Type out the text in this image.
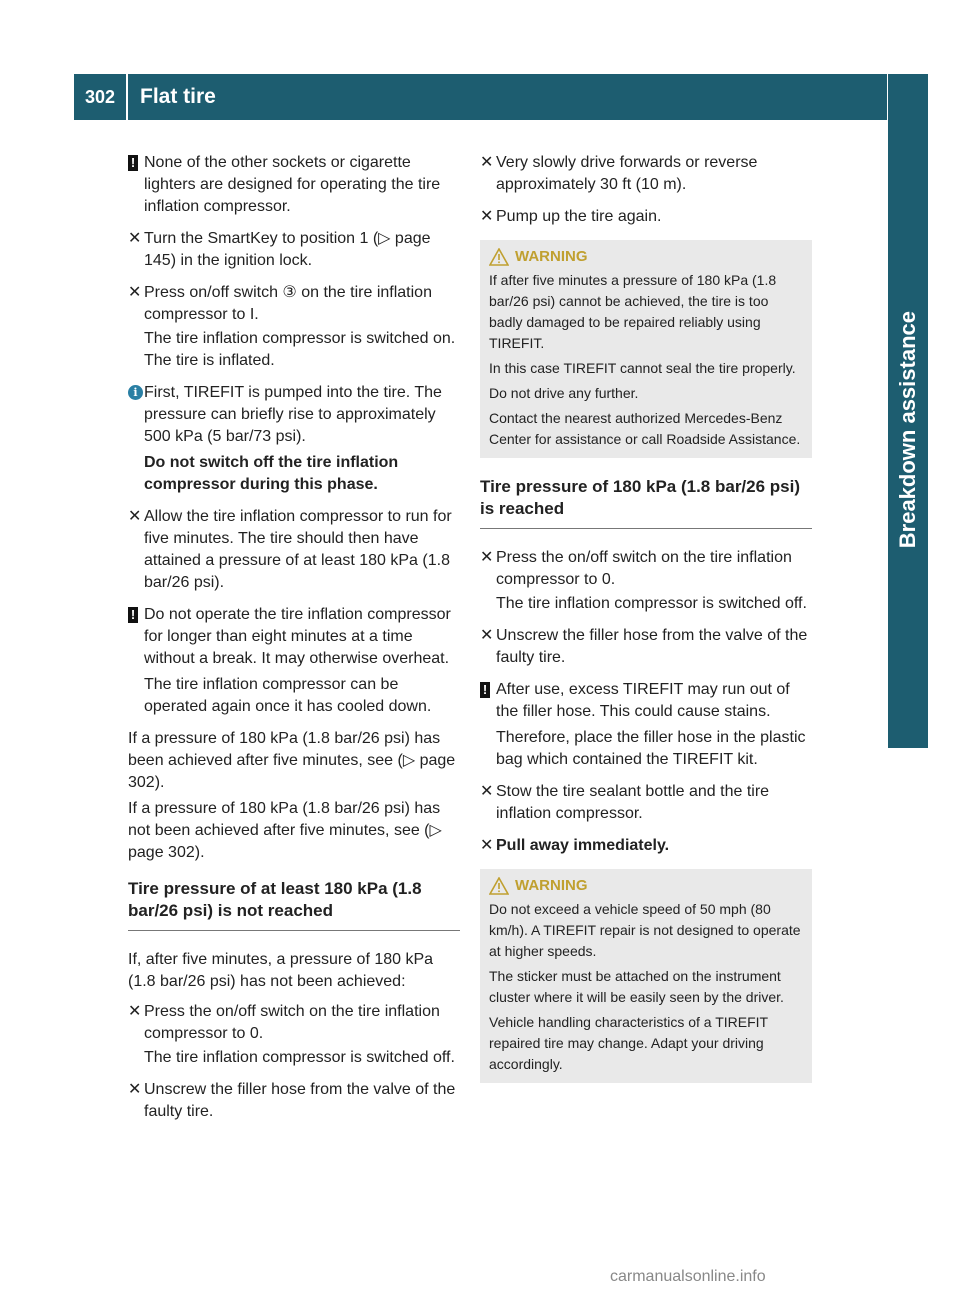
302	Flat tire
Breakdown assistance
! None of the other sockets or cigarette lighters are designed for operating the tire inflation compressor.

✕ Turn the SmartKey to position 1 (▷ page 145) in the ignition lock.

✕ Press on/off switch ③ on the tire inflation compressor to I.

The tire inflation compressor is switched on. The tire is inflated.

i First, TIREFIT is pumped into the tire. The pressure can briefly rise to approximately 500 kPa (5 bar/73 psi).

Do not switch off the tire inflation compressor during this phase.

✕ Allow the tire inflation compressor to run for five minutes. The tire should then have attained a pressure of at least 180 kPa (1.8 bar/26 psi).

! Do not operate the tire inflation compressor for longer than eight minutes at a time without a break. It may otherwise overheat.

The tire inflation compressor can be operated again once it has cooled down.

If a pressure of 180 kPa (1.8 bar/26 psi) has been achieved after five minutes, see (▷ page 302).

If a pressure of 180 kPa (1.8 bar/26 psi) has not been achieved after five minutes, see (▷ page 302).

Tire pressure of at least 180 kPa (1.8 bar/26 psi) is not reached

If, after five minutes, a pressure of 180 kPa (1.8 bar/26 psi) has not been achieved:

✕ Press the on/off switch on the tire inflation compressor to 0.

The tire inflation compressor is switched off.

✕ Unscrew the filler hose from the valve of the faulty tire.

✕ Very slowly drive forwards or reverse approximately 30 ft (10 m).

✕ Pump up the tire again.

WARNING

If after five minutes a pressure of 180 kPa (1.8 bar/26 psi) cannot be achieved, the tire is too badly damaged to be repaired reliably using TIREFIT.

In this case TIREFIT cannot seal the tire properly.

Do not drive any further.

Contact the nearest authorized Mercedes-Benz Center for assistance or call Roadside Assistance.

Tire pressure of 180 kPa (1.8 bar/26 psi) is reached
✕ Press the on/off switch on the tire inflation compressor to 0.

The tire inflation compressor is switched off.

✕ Unscrew the filler hose from the valve of the faulty tire.

! After use, excess TIREFIT may run out of the filler hose. This could cause stains.

Therefore, place the filler hose in the plastic bag which contained the TIREFIT kit.

✕ Stow the tire sealant bottle and the tire inflation compressor.

✕ Pull away immediately.

WARNING

Do not exceed a vehicle speed of 50 mph (80 km/h). A TIREFIT repair is not designed to operate at higher speeds.

The sticker must be attached on the instrument cluster where it will be easily seen by the driver.

Vehicle handling characteristics of a TIREFIT repaired tire may change. Adapt your driving accordingly.

carmanualsonline.info
